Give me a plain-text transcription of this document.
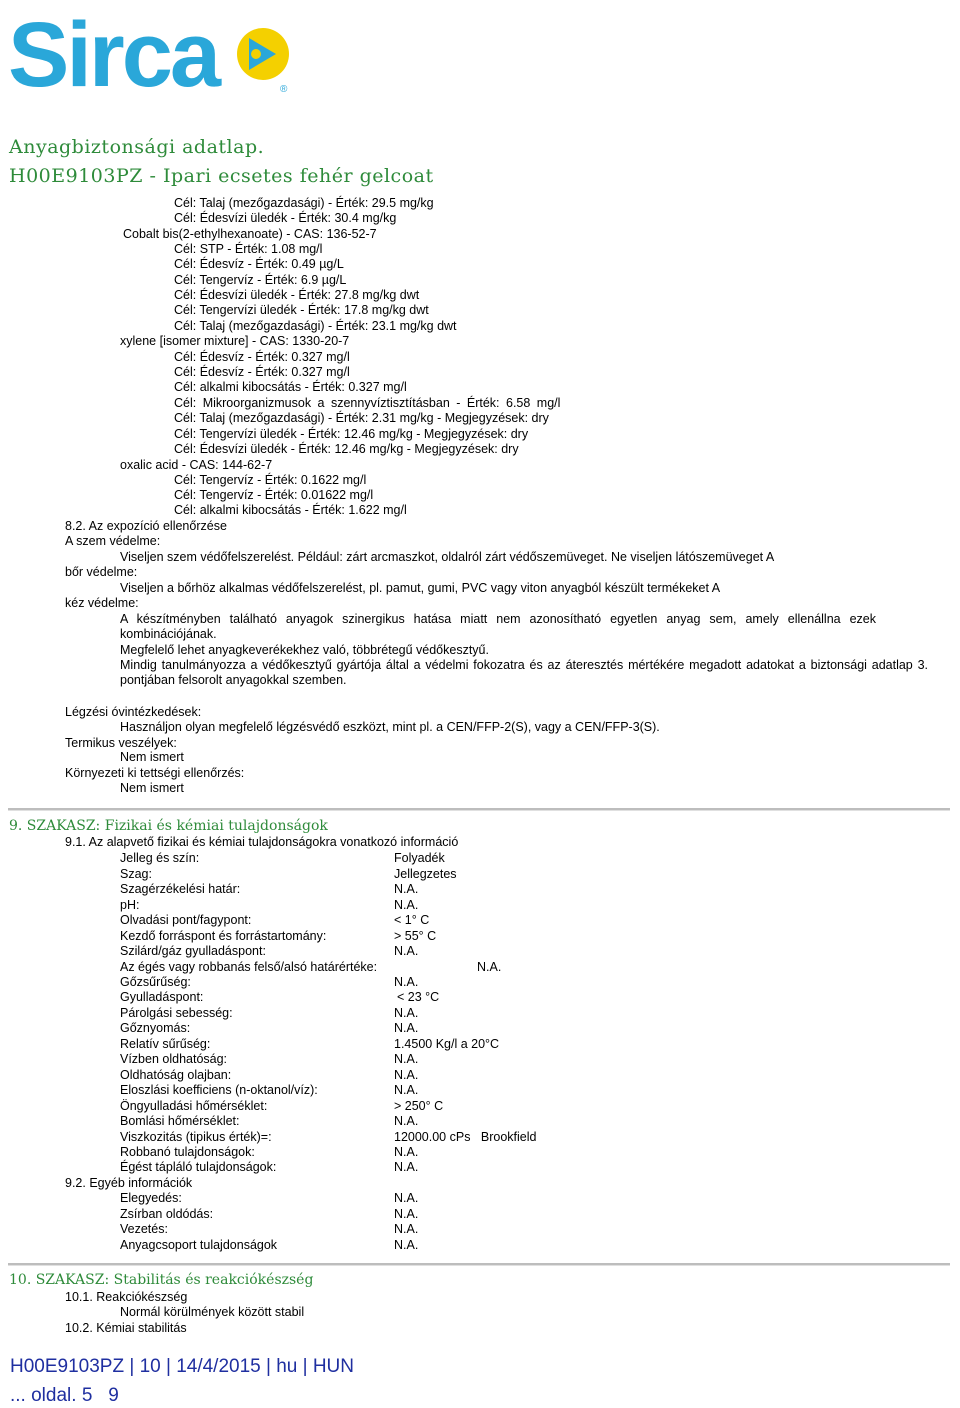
Sirca	®
Anyagbiztonsági adatlap.
H00E9103PZ - Ipari ecsetes fehér gelcoat
Cél: Talaj (mezőgazdasági) - Érték: 29.5 mg/kg
Cél: Édesvízi üledék - Érték: 30.4 mg/kg
Cobalt bis(2-ethylhexanoate) - CAS: 136-52-7
Cél: STP - Érték: 1.08 mg/l
Cél: Édesvíz - Érték: 0.49 µg/L
Cél: Tengervíz - Érték: 6.9 µg/L
Cél: Édesvízi üledék - Érték: 27.8 mg/kg dwt
Cél: Tengervízi üledék - Érték: 17.8 mg/kg dwt
Cél: Talaj (mezőgazdasági) - Érték: 23.1 mg/kg dwt
xylene [isomer mixture] - CAS: 1330-20-7
Cél: Édesvíz - Érték: 0.327 mg/l
Cél: Édesvíz - Érték: 0.327 mg/l
Cél: alkalmi kibocsátás - Érték: 0.327 mg/l
Cél: Mikroorganizmusok a szennyvíztisztításban - Érték: 6.58 mg/l
Cél: Talaj (mezőgazdasági) - Érték: 2.31 mg/kg - Megjegyzések: dry
Cél: Tengervízi üledék - Érték: 12.46 mg/kg - Megjegyzések: dry
Cél: Édesvízi üledék - Érték: 12.46 mg/kg - Megjegyzések: dry
oxalic acid - CAS: 144-62-7
Cél: Tengervíz - Érték: 0.1622 mg/l
Cél: Tengervíz - Érték: 0.01622 mg/l
Cél: alkalmi kibocsátás - Érték: 1.622 mg/l
8.2. Az expozíció ellenőrzése
A szem védelme:
Viseljen szem védőfelszerelést. Például: zárt arcmaszkot, oldalról zárt védőszemüveget. Ne viseljen látószemüveget A
bőr védelme:
Viseljen a bőrhöz alkalmas védőfelszerelést, pl. pamut, gumi, PVC vagy viton anyagból készült termékeket A
kéz védelme:
A készítményben található anyagok szinergikus hatása miatt nem azonosítható egyetlen anyag sem, amely ellenállna ezek kombinációjának.
Megfelelő lehet anyagkeverékekhez való, többrétegű védőkesztyű.
Mindig tanulmányozza a védőkesztyű gyártója által a védelmi fokozatra és az áteresztés mértékére megadott adatokat a biztonsági adatlap 3. pontjában felsorolt anyagokkal szemben.
Légzési óvintézkedések:
Használjon olyan megfelelő légzésvédő eszközt, mint pl. a CEN/FFP-2(S), vagy a CEN/FFP-3(S).
Termikus veszélyek:
Nem ismert
Környezeti ki tettségi ellenőrzés:
Nem ismert
9. SZAKASZ: Fizikai és kémiai tulajdonságok
9.1. Az alapvető fizikai és kémiai tulajdonságokra vonatkozó információ
Jelleg és szín:	Folyadék
Szag:	Jellegzetes
Szagérzékelési határ:	N.A.
pH:	N.A.
Olvadási pont/fagypont:	< 1° C
Kezdő forráspont és forrástartomány:	> 55° C
Szilárd/gáz gyulladáspont:	N.A.
Az égés vagy robbanás felső/alsó határértéke:	N.A.
Gőzsűrűség:	N.A.
Gyulladáspont:	< 23 °C
Párolgási sebesség:	N.A.
Gőznyomás:	N.A.
Relatív sűrűség:	1.4500 Kg/l a 20°C
Vízben oldhatóság:	N.A.
Oldhatóság olajban:	N.A.
Eloszlási koefficiens (n-oktanol/víz):	N.A.
Öngyulladási hőmérséklet:	> 250° C
Bomlási hőmérséklet:	N.A.
Viszkozitás (tipikus érték)=:	12000.00 cPs   Brookfield
Robbanó tulajdonságok:	N.A.
Égést tápláló tulajdonságok:	N.A.
9.2. Egyéb információk
Elegyedés:	N.A.
Zsírban oldódás:	N.A.
Vezetés:	N.A.
Anyagcsoport tulajdonságok	N.A.
10. SZAKASZ: Stabilitás és reakciókészség
10.1. Reakciókészség
Normál körülmények között stabil
10.2. Kémiai stabilitás
H00E9103PZ | 10 | 14/4/2015 | hu | HUN
... oldal. 5   9
